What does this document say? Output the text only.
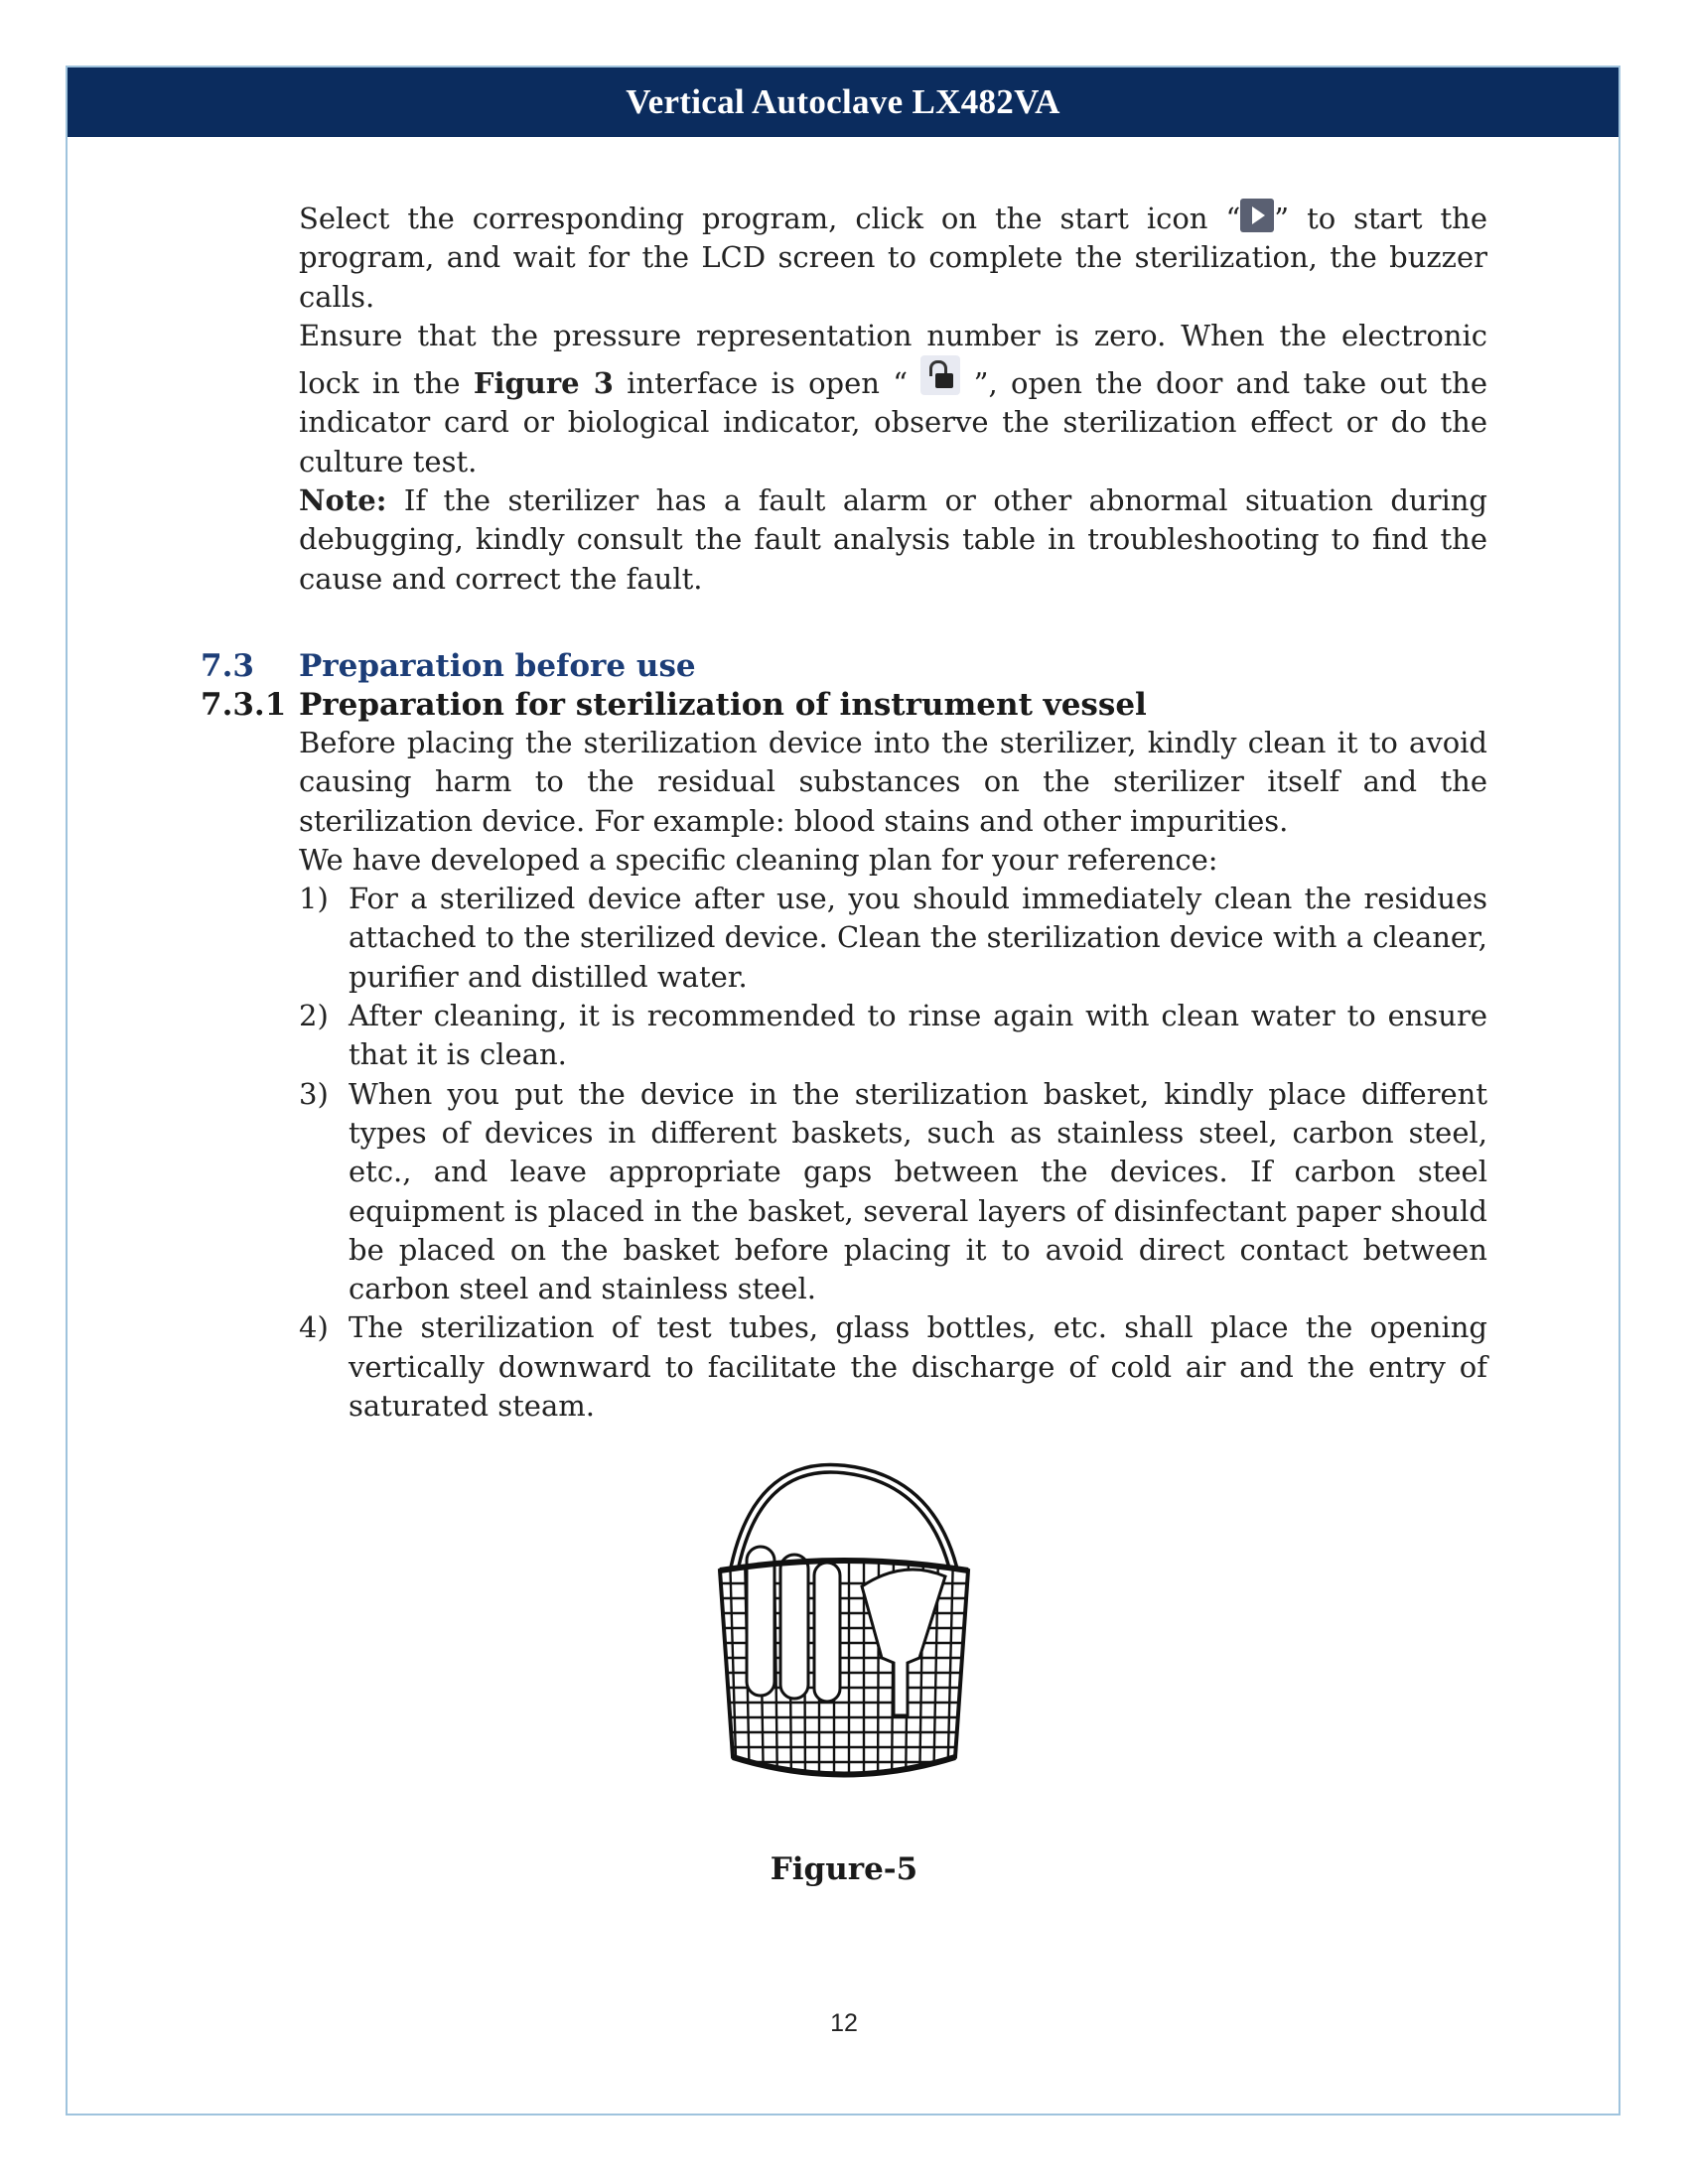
Vertical Autoclave LX482VA

Select the corresponding program, click on the start icon “ ” to start the program, and wait for the LCD screen to complete the sterilization, the buzzer calls.

Ensure that the pressure representation number is zero. When the electronic lock in the Figure 3 interface is open “
”, open the door and take out the indicator card or biological indicator, observe the sterilization effect or do the culture test.

Note: If the sterilizer has a fault alarm or other abnormal situation during debugging, kindly consult the fault analysis table in troubleshooting to find the cause and correct the fault.

7.3	Preparation before use
7.3.1 Preparation for sterilization of instrument vessel

Before placing the sterilization device into the sterilizer, kindly clean it to avoid causing harm to the residual substances on the sterilizer itself and the sterilization device. For example: blood stains and other impurities.

We have developed a specific cleaning plan for your reference:

1) For a sterilized device after use, you should immediately clean the residues attached to the sterilized device. Clean the sterilization device with a cleaner, purifier and distilled water.
2) After cleaning, it is recommended to rinse again with clean water to ensure that it is clean.
3) When you put the device in the sterilization basket, kindly place different types of devices in different baskets, such as stainless steel, carbon steel, etc., and leave appropriate gaps between the devices. If carbon steel equipment is placed in the basket, several layers of disinfectant paper should be placed on the basket before placing it to avoid direct contact between carbon steel and stainless steel.
4) The sterilization of test tubes, glass bottles, etc. shall place the opening vertically downward to facilitate the discharge of cold air and the entry of saturated steam.
Figure-5
12
